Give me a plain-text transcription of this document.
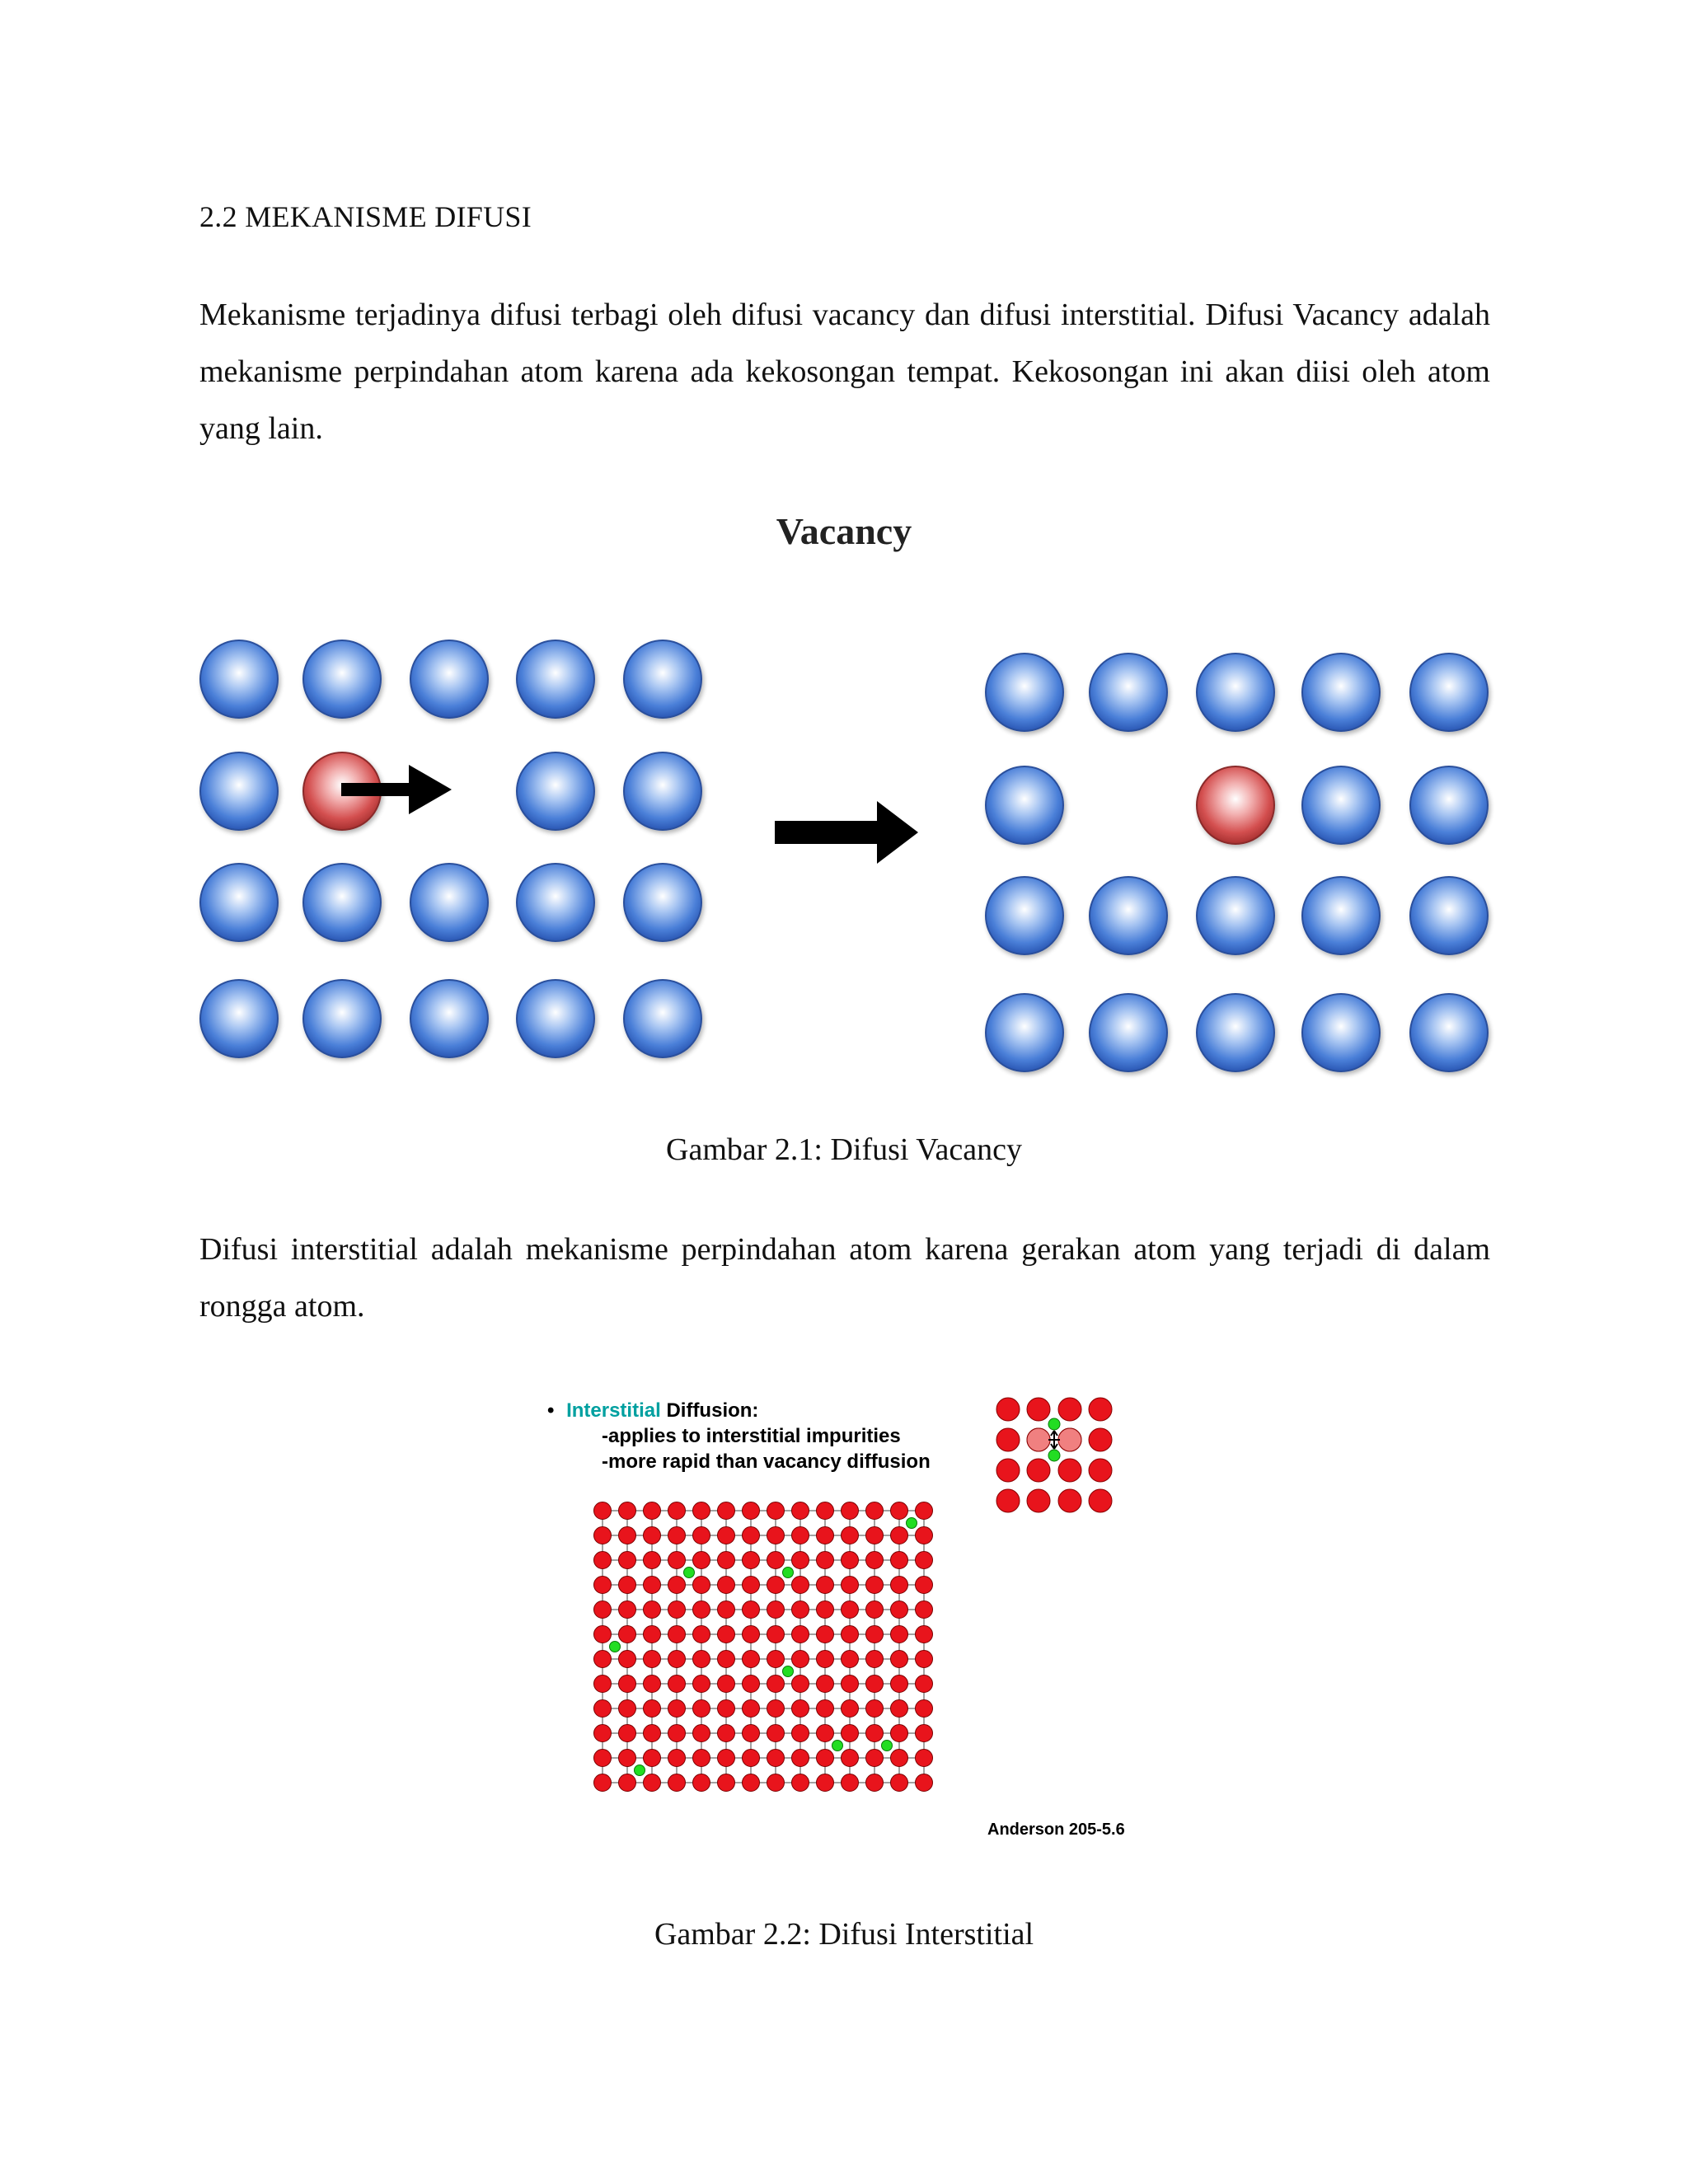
2.2 MEKANISME DIFUSI
Mekanisme terjadinya difusi terbagi oleh difusi vacancy dan difusi interstitial. Difusi Vacancy adalah mekanisme perpindahan atom karena ada kekosongan tempat. Kekosongan ini akan diisi oleh atom yang lain.
Difusi interstitial adalah mekanisme perpindahan atom karena gerakan atom yang terjadi di dalam rongga atom.
Gambar 2.1: Difusi Vacancy
Gambar 2.2: Difusi Interstitial
Vacancy
• Interstitial Diffusion:
-applies to interstitial impurities
-more rapid than vacancy diffusion
Anderson 205-5.6
